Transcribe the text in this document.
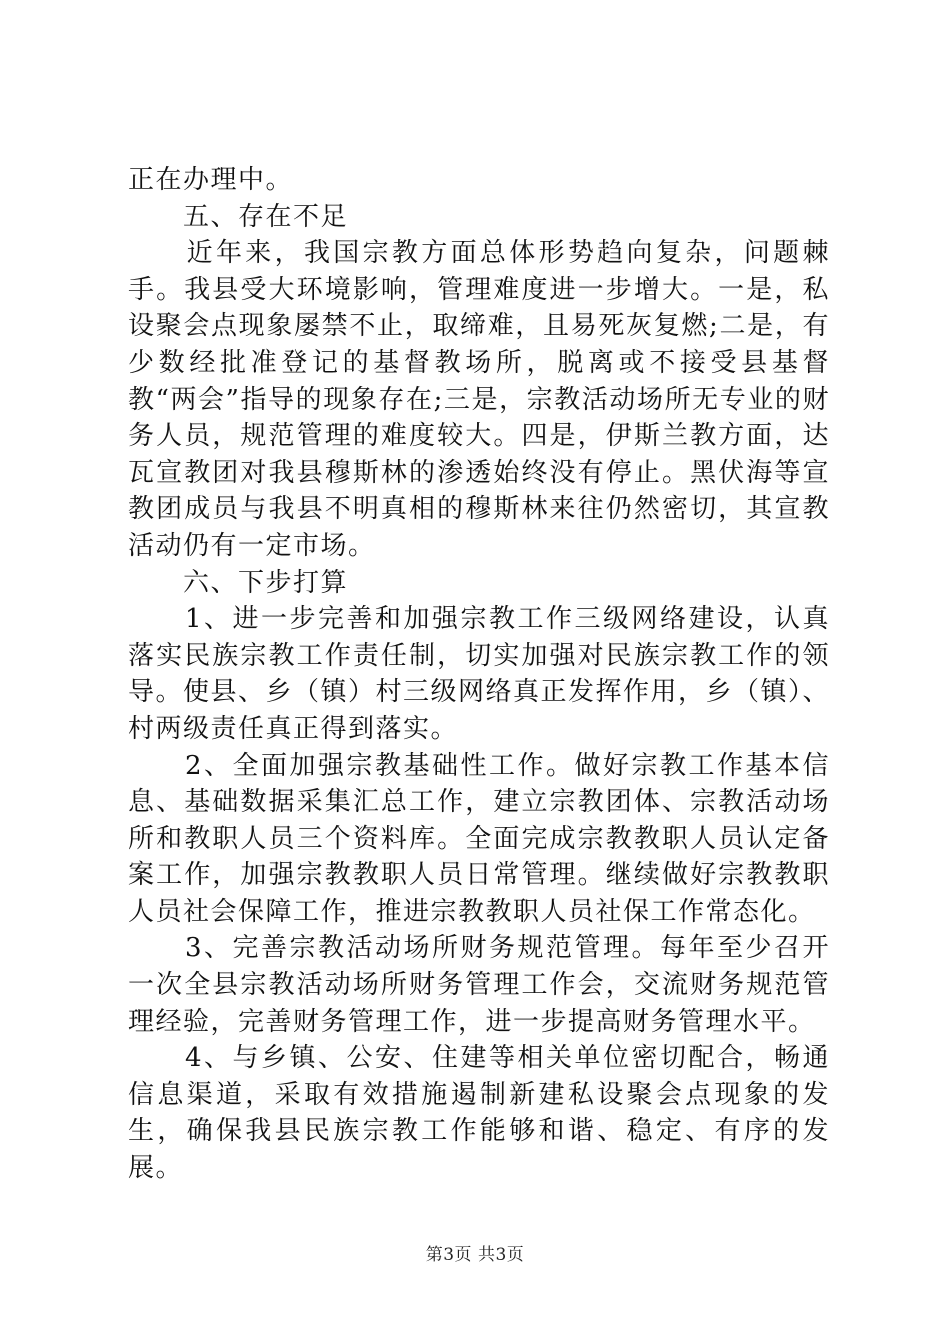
正在办理中。

　　五、存在不足

　　近年来，我国宗教方面总体形势趋向复杂，问题棘手。我县受大环境影响，管理难度进一步增大。一是，私设聚会点现象屡禁不止，取缔难，且易死灰复燃;二是，有少数经批准登记的基督教场所，脱离或不接受县基督教“两会”指导的现象存在;三是，宗教活动场所无专业的财务人员，规范管理的难度较大。四是，伊斯兰教方面，达瓦宣教团对我县穆斯林的渗透始终没有停止。黑伏海等宣教团成员与我县不明真相的穆斯林来往仍然密切，其宣教活动仍有一定市场。

　　六、下步打算

　　1、进一步完善和加强宗教工作三级网络建设，认真落实民族宗教工作责任制，切实加强对民族宗教工作的领导。使县、乡（镇）村三级网络真正发挥作用，乡（镇）、村两级责任真正得到落实。

　　2、全面加强宗教基础性工作。做好宗教工作基本信息、基础数据采集汇总工作，建立宗教团体、宗教活动场所和教职人员三个资料库。全面完成宗教教职人员认定备案工作，加强宗教教职人员日常管理。继续做好宗教教职人员社会保障工作，推进宗教教职人员社保工作常态化。

　　3、完善宗教活动场所财务规范管理。每年至少召开一次全县宗教活动场所财务管理工作会，交流财务规范管理经验，完善财务管理工作，进一步提高财务管理水平。

　　4、与乡镇、公安、住建等相关单位密切配合，畅通信息渠道，采取有效措施遏制新建私设聚会点现象的发生，确保我县民族宗教工作能够和谐、稳定、有序的发展。

第3页 共3页
